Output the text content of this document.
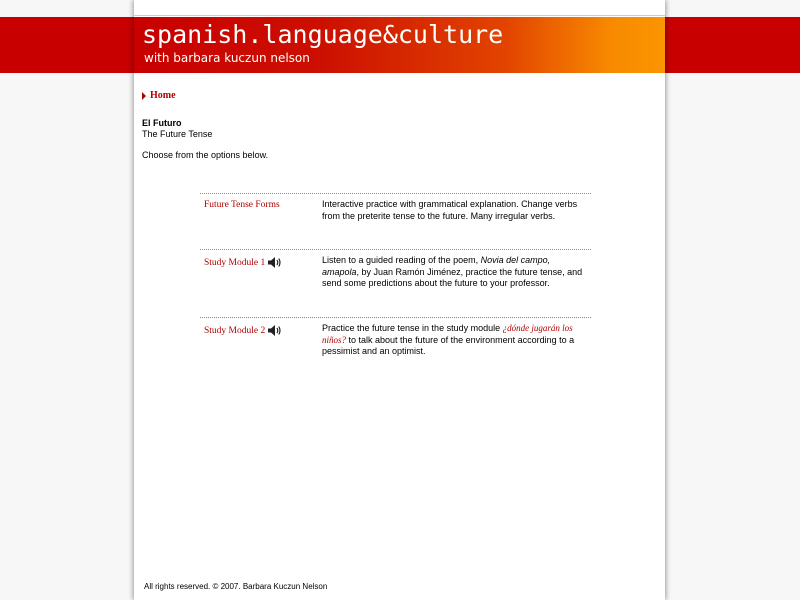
spanish.language&culture
with barbara kuczun nelson
Home
El Futuro
The Future Tense
Choose from the options below.
Future Tense Forms	Interactive practice with grammatical explanation. Change verbs from the preterite tense to the future. Many irregular verbs.
Study Module 1	Listen to a guided reading of the poem, Novia del campo, amapola, by Juan Ramón Jiménez, practice the future tense, and send some predictions about the future to your professor.
Study Module 2	Practice the future tense in the study module ¿dónde jugarán los niños? to talk about the future of the environment according to a pessimist and an optimist.
All rights reserved. © 2007. Barbara Kuczun Nelson
